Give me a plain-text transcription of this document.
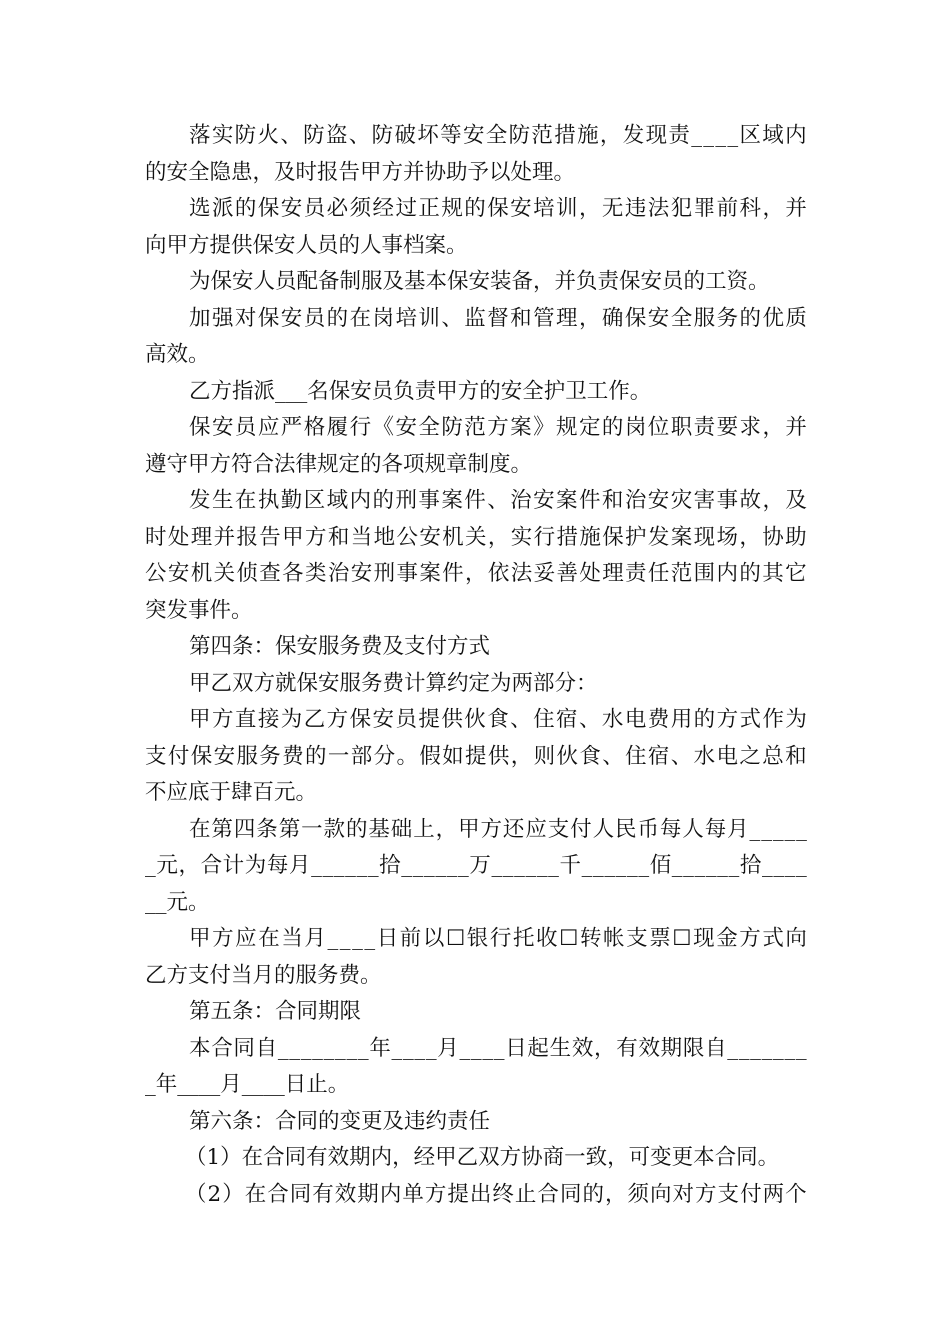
落 实 防 火 、 防 盗 、 防 破 坏 等 安 全 防 范 措 施 ， 发 现 责 _ _ _ _ 区 域 内
的安全隐患，及时报告甲方并协助予以处理。
选 派 的 保 安 员 必 须 经 过 正 规 的 保 安 培 训 ， 无 违 法 犯 罪 前 科 ， 并
向甲方提供保安人员的人事档案。
为保安人员配备制服及基本保安装备，并负责保安员的工资。
加 强 对 保 安 员 的 在 岗 培 训 、 监 督 和 管 理 ， 确 保 安 全 服 务 的 优 质
高效。
乙方指派___名保安员负责甲方的安全护卫工作。
保 安 员 应 严 格 履 行 《 安 全 防 范 方 案 》 规 定 的 岗 位 职 责 要 求 ， 并
遵守甲方符合法律规定的各项规章制度。
发 生 在 执 勤 区 域 内 的 刑 事 案 件 、 治 安 案 件 和 治 安 灾 害 事 故 ， 及
时 处 理 并 报 告 甲 方 和 当 地 公 安 机 关 ， 实 行 措 施 保 护 发 案 现 场 ， 协 助
公 安 机 关 侦 查 各 类 治 安 刑 事 案 件 ， 依 法 妥 善 处 理 责 任 范 围 内 的 其 它
突发事件。
第四条：保安服务费及支付方式
甲乙双方就保安服务费计算约定为两部分：
甲 方 直 接 为 乙 方 保 安 员 提 供 伙 食 、 住 宿 、 水 电 费 用 的 方 式 作 为
支 付 保 安 服 务 费 的 一 部 分 。 假 如 提 供 ， 则 伙 食 、 住 宿 、 水 电 之 总 和
不应底于肆百元。
在 第 四 条 第 一 款 的 基 础 上 ， 甲 方 还 应 支 付 人 民 币 每 人 每 月 _ _ _ _ _
_ 元 ， 合 计 为 每 月 _ _ _ _ _ _ 拾 _ _ _ _ _ _ 万 _ _ _ _ _ _ 千 _ _ _ _ _ _ 佰 _ _ _ _ _ _ 拾 _ _ _ _
__元。
甲 方 应 在 当 月 _ _ _ _ 日 前 以 ☐ 银 行 托 收 ☐ 转 帐 支 票 ☐ 现 金 方 式 向
乙方支付当月的服务费。
第五条：合同期限
本 合 同 自 _ _ _ _ _ _ _ _ 年 _ _ _ _ 月 _ _ _ _ 日 起 生 效 ， 有 效 期 限 自 _ _ _ _ _ _ _
_年____月____日止。
第六条：合同的变更及违约责任
（1）在合同有效期内，经甲乙双方协商一致，可变更本合同。
（ 2 ） 在 合 同 有 效 期 内 单 方 提 出 终 止 合 同 的 ， 须 向 对 方 支 付 两 个
